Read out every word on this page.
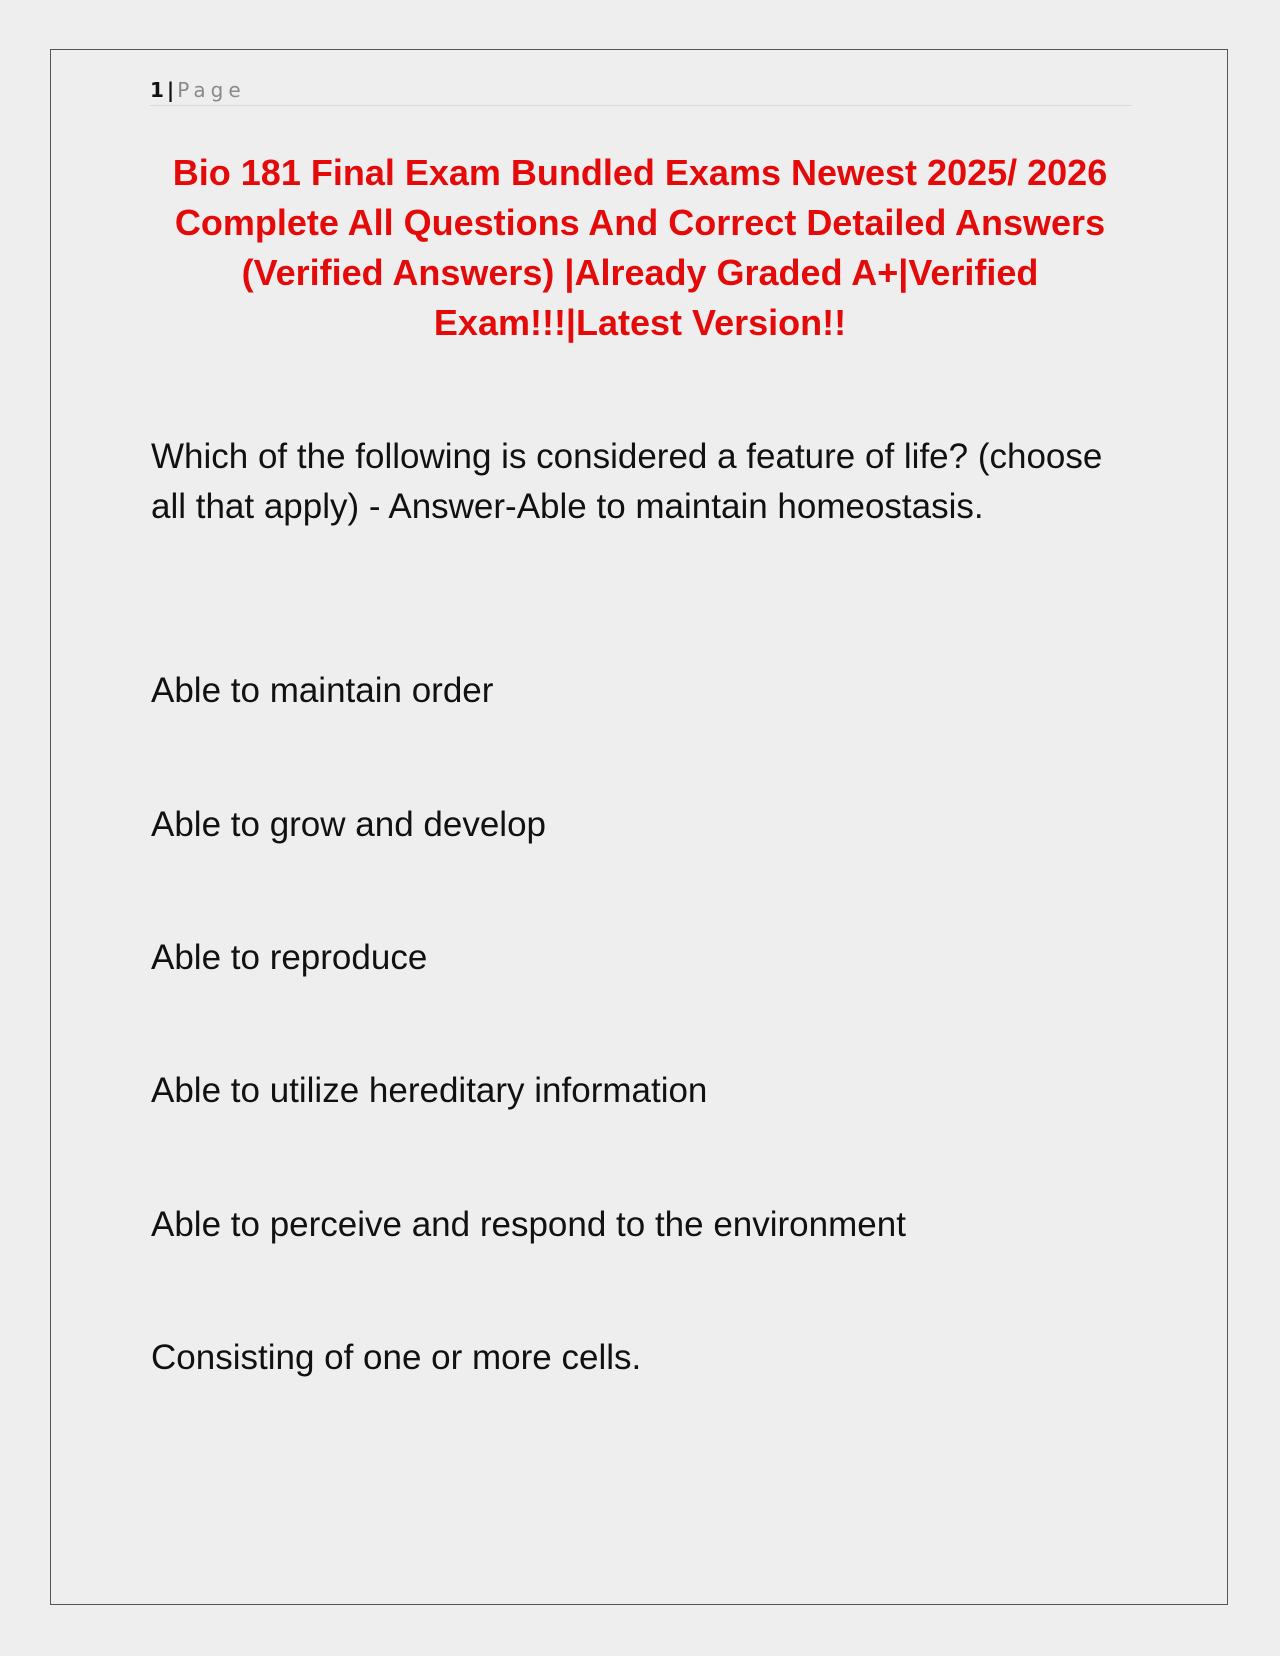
1 | Page
Bio 181 Final Exam Bundled Exams Newest 2025/ 2026 Complete All Questions And Correct Detailed Answers (Verified Answers) |Already Graded A+|Verified Exam!!!|Latest Version!!

Which of the following is considered a feature of life? (choose all that apply) - Answer-Able to maintain homeostasis.

Able to maintain order

Able to grow and develop

Able to reproduce

Able to utilize hereditary information

Able to perceive and respond to the environment

Consisting of one or more cells.
